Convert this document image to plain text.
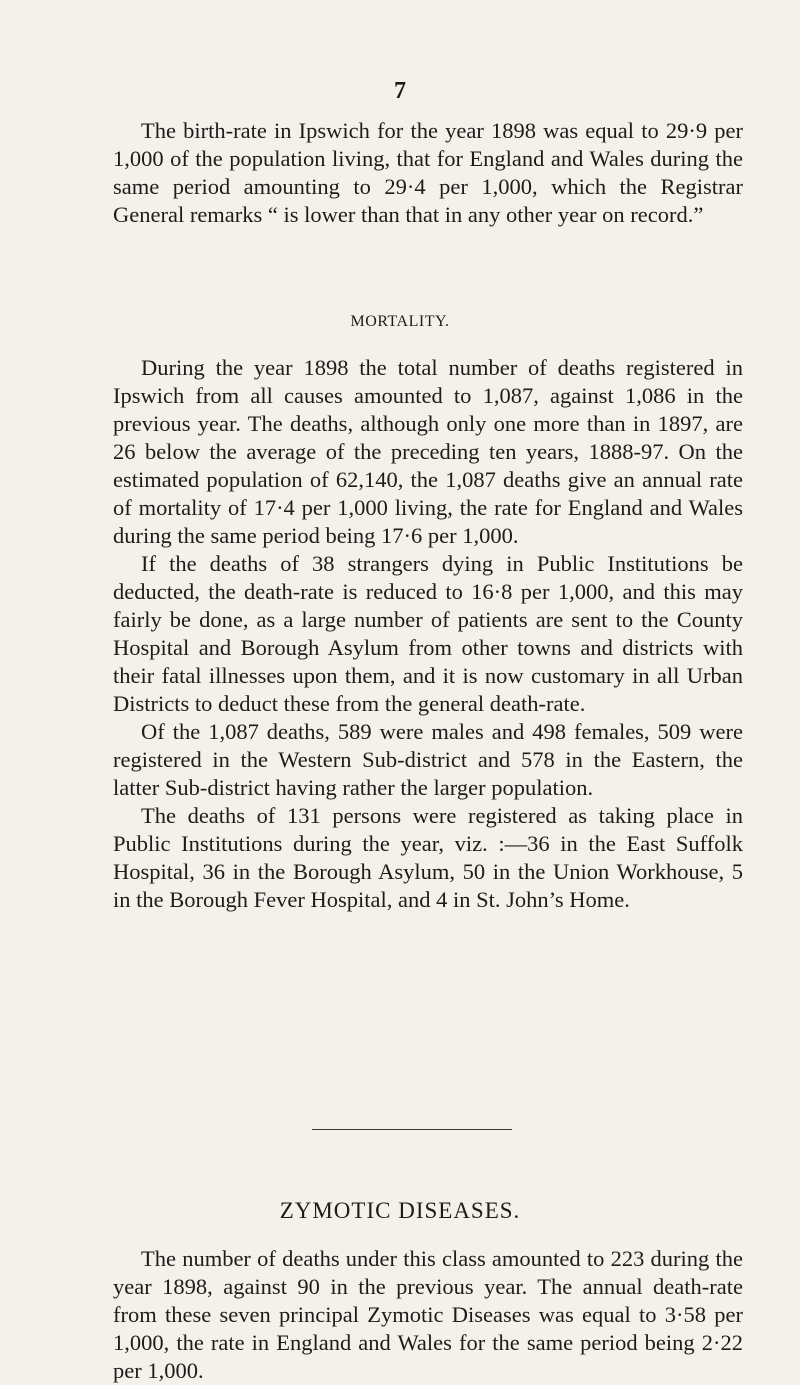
7

The birth-rate in Ipswich for the year 1898 was equal to 29·9 per 1,000 of the population living, that for England and Wales during the same period amounting to 29·4 per 1,000, which the Registrar General remarks “ is lower than that in any other year on record.”

MORTALITY.

During the year 1898 the total number of deaths registered in Ipswich from all causes amounted to 1,087, against 1,086 in the previous year. The deaths, although only one more than in 1897, are 26 below the average of the preceding ten years, 1888-97. On the estimated population of 62,140, the 1,087 deaths give an annual rate of mortality of 17·4 per 1,000 living, the rate for England and Wales during the same period being 17·6 per 1,000.

If the deaths of 38 strangers dying in Public Institutions be deducted, the death-rate is reduced to 16·8 per 1,000, and this may fairly be done, as a large number of patients are sent to the County Hospital and Borough Asylum from other towns and districts with their fatal illnesses upon them, and it is now customary in all Urban Districts to deduct these from the general death-rate.

Of the 1,087 deaths, 589 were males and 498 females, 509 were registered in the Western Sub-district and 578 in the Eastern, the latter Sub-district having rather the larger population.

The deaths of 131 persons were registered as taking place in Public Institutions during the year, viz. :—36 in the East Suffolk Hospital, 36 in the Borough Asylum, 50 in the Union Workhouse, 5 in the Borough Fever Hospital, and 4 in St. John’s Home.

ZYMOTIC DISEASES.

The number of deaths under this class amounted to 223 during the year 1898, against 90 in the previous year. The annual death-rate from these seven principal Zymotic Diseases was equal to 3·58 per 1,000, the rate in England and Wales for the same period being 2·22 per 1,000.
